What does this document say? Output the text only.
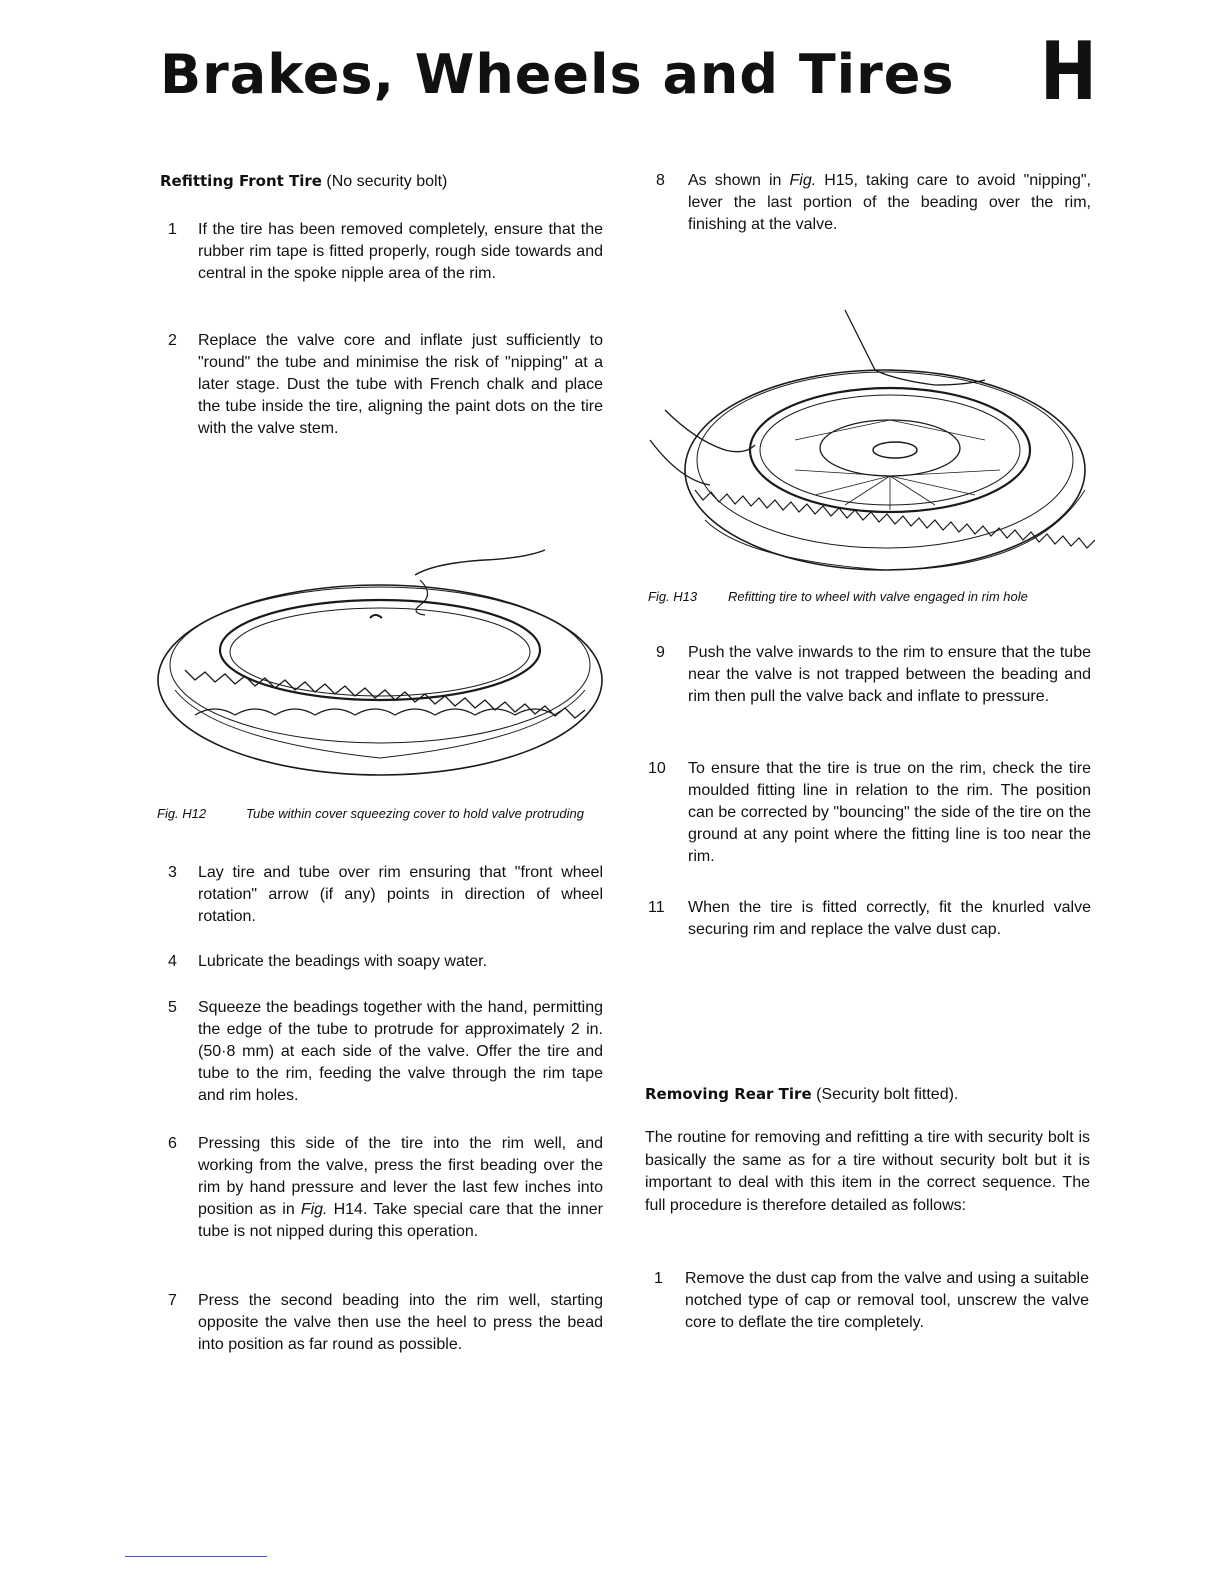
Brakes, Wheels and Tires	H
Refitting Front Tire (No security bolt)
1	If the tire has been removed completely, ensure that the rubber rim tape is fitted properly, rough side towards and central in the spoke nipple area of the rim.
2	Replace the valve core and inflate just sufficiently to "round" the tube and minimise the risk of "nipping" at a later stage. Dust the tube with French chalk and place the tube inside the tire, aligning the paint dots on the tire with the valve stem.
Fig. H12	Tube within cover squeezing cover to hold valve protruding
3	Lay tire and tube over rim ensuring that "front wheel rotation" arrow (if any) points in direction of wheel rotation.
4	Lubricate the beadings with soapy water.
5	Squeeze the beadings together with the hand, permitting the edge of the tube to protrude for approximately 2 in. (50·8 mm) at each side of the valve. Offer the tire and tube to the rim, feeding the valve through the rim tape and rim holes.
6	Pressing this side of the tire into the rim well, and working from the valve, press the first beading over the rim by hand pressure and lever the last few inches into position as in Fig. H14. Take special care that the inner tube is not nipped during this operation.
7	Press the second beading into the rim well, starting opposite the valve then use the heel to press the bead into position as far round as possible.
8	As shown in Fig. H15, taking care to avoid "nipping", lever the last portion of the beading over the rim, finishing at the valve.
Fig. H13 Refitting tire to wheel with valve engaged in rim hole
9	Push the valve inwards to the rim to ensure that the tube near the valve is not trapped between the beading and rim then pull the valve back and inflate to pressure.
10	To ensure that the tire is true on the rim, check the tire moulded fitting line in relation to the rim. The position can be corrected by "bouncing" the side of the tire on the ground at any point where the fitting line is too near the rim.
11	When the tire is fitted correctly, fit the knurled valve securing rim and replace the valve dust cap.
Removing Rear Tire (Security bolt fitted).
The routine for removing and refitting a tire with security bolt is basically the same as for a tire without security bolt but it is important to deal with this item in the correct sequence. The full procedure is therefore detailed as follows:
1	Remove the dust cap from the valve and using a suitable notched type of cap or removal tool, unscrew the valve core to deflate the tire completely.
